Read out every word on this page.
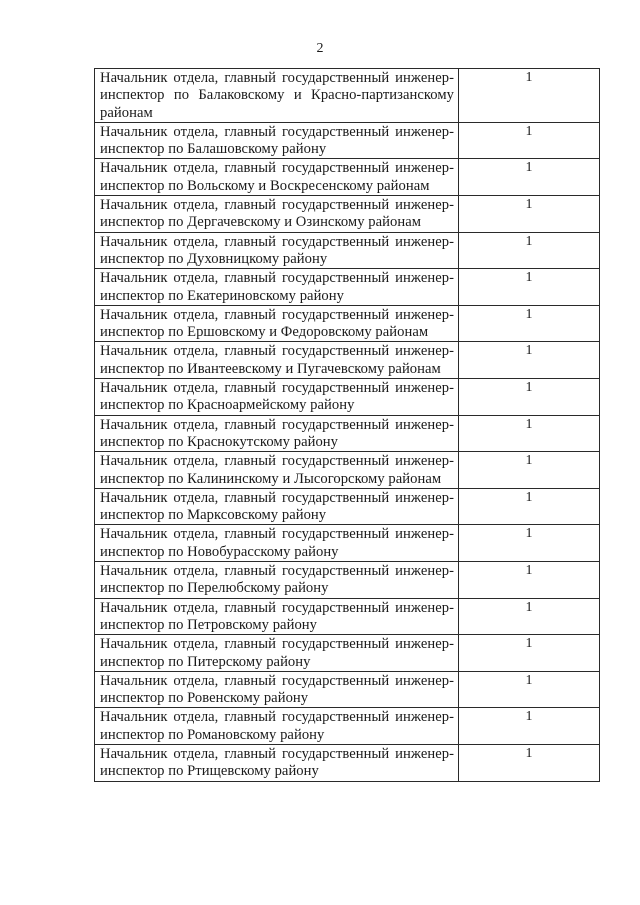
2
Начальник отдела, главный государственный инженер-инспектор по Балаковскому и Красно-партизанскому районам	1
Начальник отдела, главный государственный инженер-инспектор по Балашовскому району	1
Начальник отдела, главный государственный инженер-инспектор по Вольскому и Воскресенскому районам	1
Начальник отдела, главный государственный инженер-инспектор по Дергачевскому и Озинскому районам	1
Начальник отдела, главный государственный инженер-инспектор по Духовницкому району	1
Начальник отдела, главный государственный инженер-инспектор по Екатериновскому району	1
Начальник отдела, главный государственный инженер-инспектор по Ершовскому и Федоровскому районам	1
Начальник отдела, главный государственный инженер-инспектор по Ивантеевскому и Пугачевскому районам	1
Начальник отдела, главный государственный инженер-инспектор по Красноармейскому району	1
Начальник отдела, главный государственный инженер-инспектор по Краснокутскому району	1
Начальник отдела, главный государственный инженер-инспектор по Калининскому и Лысогорскому районам	1
Начальник отдела, главный государственный инженер-инспектор по Марксовскому району	1
Начальник отдела, главный государственный инженер-инспектор по Новобурасскому району	1
Начальник отдела, главный государственный инженер-инспектор по Перелюбскому району	1
Начальник отдела, главный государственный инженер-инспектор по Петровскому району	1
Начальник отдела, главный государственный инженер-инспектор по Питерскому району	1
Начальник отдела, главный государственный инженер-инспектор по Ровенскому району	1
Начальник отдела, главный государственный инженер-инспектор по Романовскому району	1
Начальник отдела, главный государственный инженер-инспектор по Ртищевскому району	1
